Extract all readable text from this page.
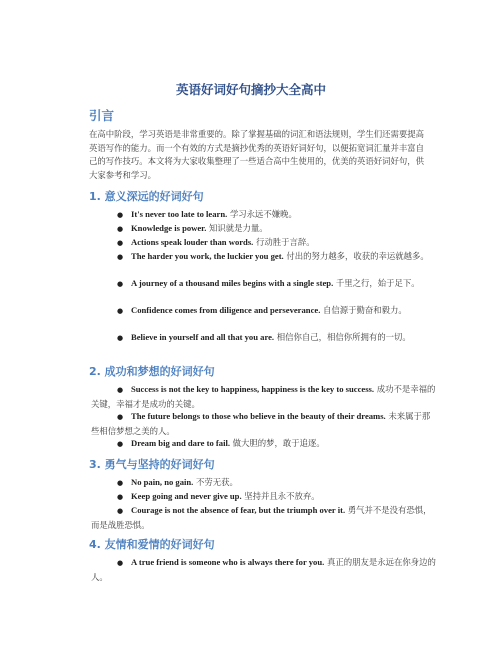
英语好词好句摘抄大全高中
引言

在高中阶段，学习英语是非常重要的。除了掌握基础的词汇和语法规则，学生们还需要提高英语写作的能力。而一个有效的方式是摘抄优秀的英语好词好句，以便拓宽词汇量并丰富自己的写作技巧。本文将为大家收集整理了一些适合高中生使用的，优美的英语好词好句，供大家参考和学习。

1. 意义深远的好词好句

● It's never too late to learn. 学习永远不嫌晚。

● Knowledge is power. 知识就是力量。

● Actions speak louder than words. 行动胜于言辞。

● The harder you work, the luckier you get. 付出的努力越多，收获的幸运就越多。

● A journey of a thousand miles begins with a single step. 千里之行，始于足下。

● Confidence comes from diligence and perseverance. 自信源于勤奋和毅力。

● Believe in yourself and all that you are. 相信你自己，相信你所拥有的一切。

2. 成功和梦想的好词好句

● Success is not the key to happiness, happiness is the key to success. 成功不是幸福的关键，幸福才是成功的关键。

● The future belongs to those who believe in the beauty of their dreams. 未来属于那些相信梦想之美的人。

● Dream big and dare to fail. 做大胆的梦，敢于追逐。

3. 勇气与坚持的好词好句

● No pain, no gain. 不劳无获。

● Keep going and never give up. 坚持并且永不放弃。

● Courage is not the absence of fear, but the triumph over it. 勇气并不是没有恐惧，而是战胜恐惧。

4. 友情和爱情的好词好句

● A true friend is someone who is always there for you. 真正的朋友是永远在你身边的人。
